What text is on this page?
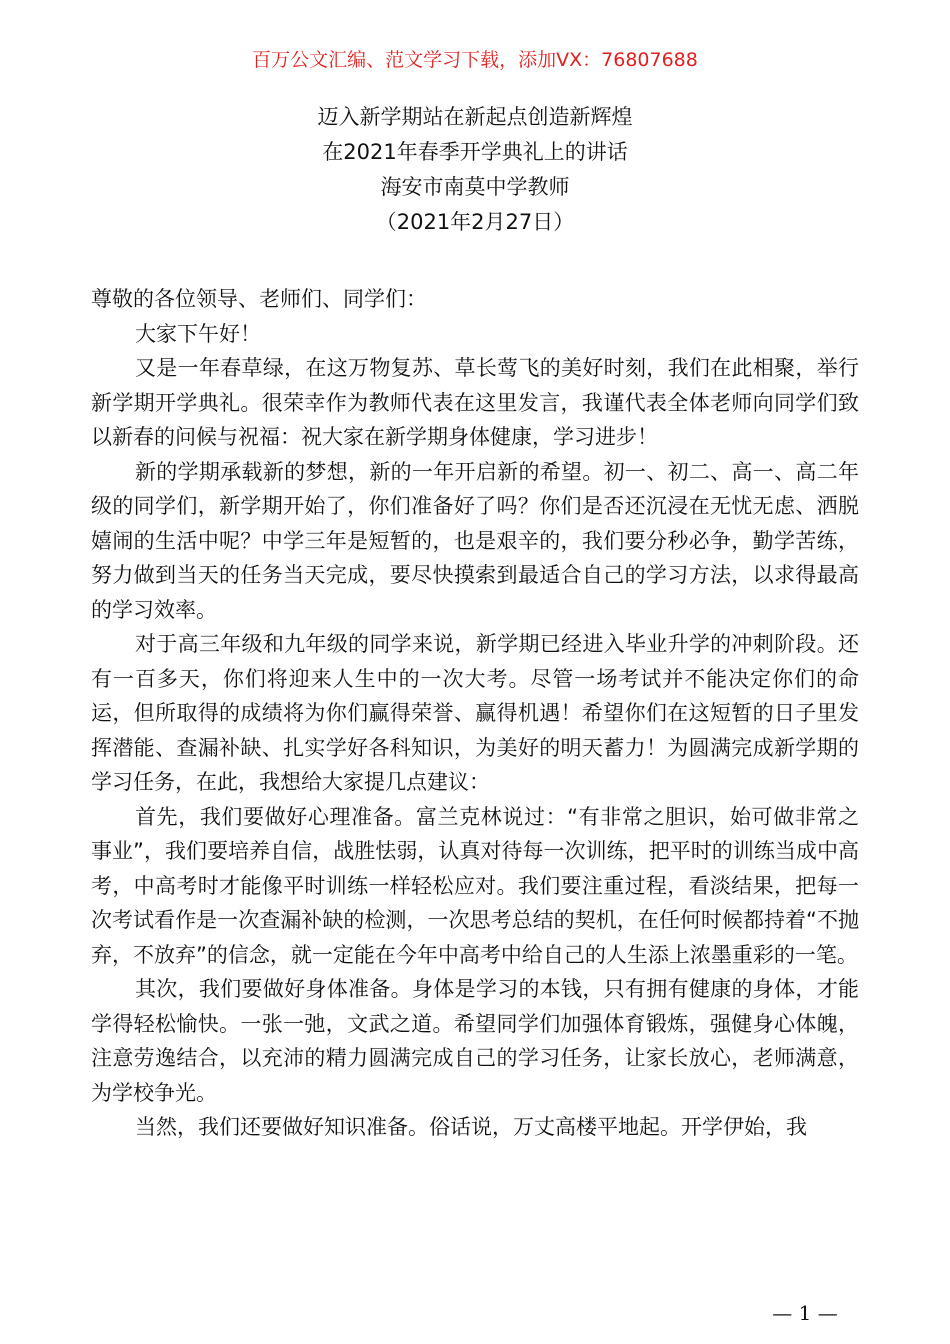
百万公文汇编、范文学习下载，添加VX：76807688
迈入新学期站在新起点创造新辉煌
在2021年春季开学典礼上的讲话
海安市南莫中学教师
（2021年2月27日）

尊敬的各位领导、老师们、同学们：

大家下午好！

又是一年春草绿，在这万物复苏、草长莺飞的美好时刻，我们在此相聚，举行新学期开学典礼。很荣幸作为教师代表在这里发言，我谨代表全体老师向同学们致以新春的问候与祝福：祝大家在新学期身体健康，学习进步！

新的学期承载新的梦想，新的一年开启新的希望。初一、初二、高一、高二年级的同学们，新学期开始了，你们准备好了吗？你们是否还沉浸在无忧无虑、洒脱嬉闹的生活中呢？中学三年是短暂的，也是艰辛的，我们要分秒必争，勤学苦练，努力做到当天的任务当天完成，要尽快摸索到最适合自己的学习方法，以求得最高的学习效率。

对于高三年级和九年级的同学来说，新学期已经进入毕业升学的冲刺阶段。还有一百多天，你们将迎来人生中的一次大考。尽管一场考试并不能决定你们的命运，但所取得的成绩将为你们赢得荣誉、赢得机遇！希望你们在这短暂的日子里发挥潜能、查漏补缺、扎实学好各科知识，为美好的明天蓄力！为圆满完成新学期的学习任务，在此，我想给大家提几点建议：

首先，我们要做好心理准备。富兰克林说过：“有非常之胆识，始可做非常之事业”，我们要培养自信，战胜怯弱，认真对待每一次训练，把平时的训练当成中高考，中高考时才能像平时训练一样轻松应对。我们要注重过程，看淡结果，把每一次考试看作是一次查漏补缺的检测，一次思考总结的契机，在任何时候都持着“不抛弃，不放弃”的信念，就一定能在今年中高考中给自己的人生添上浓墨重彩的一笔。

其次，我们要做好身体准备。身体是学习的本钱，只有拥有健康的身体，才能学得轻松愉快。一张一弛，文武之道。希望同学们加强体育锻炼，强健身心体魄，注意劳逸结合，以充沛的精力圆满完成自己的学习任务，让家长放心，老师满意，为学校争光。

当然，我们还要做好知识准备。俗话说，万丈高楼平地起。开学伊始，我

— 1 —
